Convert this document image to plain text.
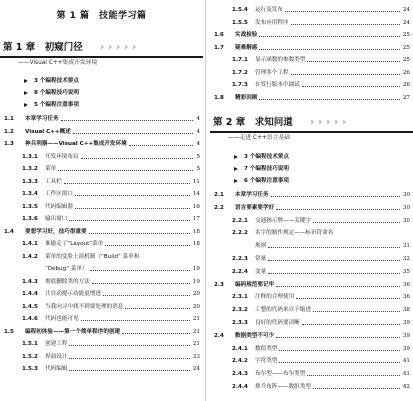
第 1 篇　技能学习篇
第 1 章　初窥门径 › › › › ›
——Visual C++集成开发环境
3 个编程技术要点
8 个编程技巧说明
5 个编程注意事项
1.1 本章学习任务	4
1.2 Visual C++概述	4
1.3 神兵利器——Visual C++集成开发环境	4
1.3.1 开发环境布局	5
1.3.2 菜单	5
1.3.3 工具栏	11
1.3.4 工作区窗口	14
1.3.5 代码编辑器	16
1.3.6 输出窗口	17
1.4 要想学习好，技巧很重要	18
1.4.1 谁偷走了“Layout”菜单	18
1.4.2 菜单的变脸上演机制（“Build” 菜单和
“Debug” 菜单）	19
1.4.3 彻底删除类的方法	19
1.4.4 让自动提示功能更增进	20
1.4.5 当我向寻中找不到要处理的消息	20
1.4.6 代码也能可见	21
1.5 编程初体验——第一个简单程序的创建	21
1.5.1 创建工程	21
1.5.2 界面设计	23
1.5.3 代码编辑	24
1.5.4 运行及发布	24
1.5.5 发布应用程序	24
1.6 实战检验	25
1.7 疑难解惑	25
1.7.1 显示函数的参数类型	25
1.7.2 管理多个工程	26
1.7.3 在发行版本中调试	26
1.8 精彩回顾	27
第 2 章　求知问道 › › › › ›
——走进 C++语言基础
3 个编程技术要点
7 个编程技巧说明
6 个编程注意事项
2.1 本章学习任务	30
2.2 语言要素要学好	30
2.2.1 交通指示牌——关键字	30
2.2.2 名字的制作规定——标识符命名
规则	31
2.2.3 常量	32
2.2.4 变量	35
2.3 编码规范要记牢	36
2.3.1 注释的合理使用	36
2.3.2 工整的代码来自于缩进	38
2.3.3 良好的代码要清晰	39
2.4 数据类型不可少	39
2.4.1 数值类型	39
2.4.2 字符类型	41
2.4.3 布尔型——布尔类型	41
2.4.4 排兵布阵——数组类型	42
